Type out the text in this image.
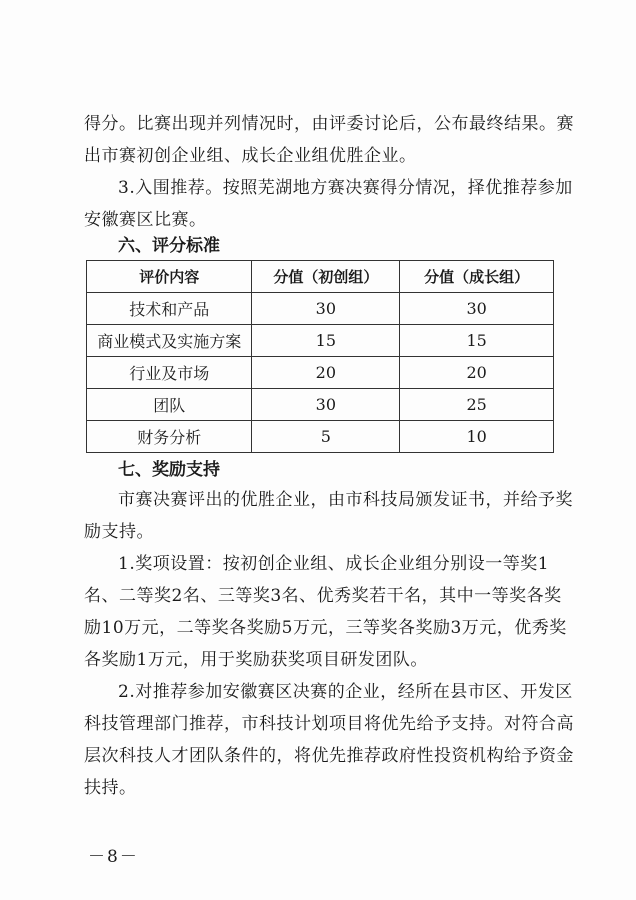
得分。比赛出现并列情况时，由评委讨论后，公布最终结果。赛出市赛初创企业组、成长企业组优胜企业。

3.入围推荐。按照芜湖地方赛决赛得分情况，择优推荐参加安徽赛区比赛。

六、评分标准

评价内容	分值（初创组）	分值（成长组）
技术和产品	30	30
商业模式及实施方案	15	15
行业及市场	20	20
团队	30	25
财务分析	5	10

七、奖励支持

市赛决赛评出的优胜企业，由市科技局颁发证书，并给予奖励支持。

1.奖项设置：按初创企业组、成长企业组分别设一等奖1名、二等奖2名、三等奖3名、优秀奖若干名，其中一等奖各奖励10万元，二等奖各奖励5万元，三等奖各奖励3万元，优秀奖各奖励1万元，用于奖励获奖项目研发团队。

2.对推荐参加安徽赛区决赛的企业，经所在县市区、开发区科技管理部门推荐，市科技计划项目将优先给予支持。对符合高层次科技人才团队条件的，将优先推荐政府性投资机构给予资金扶持。

－8－
